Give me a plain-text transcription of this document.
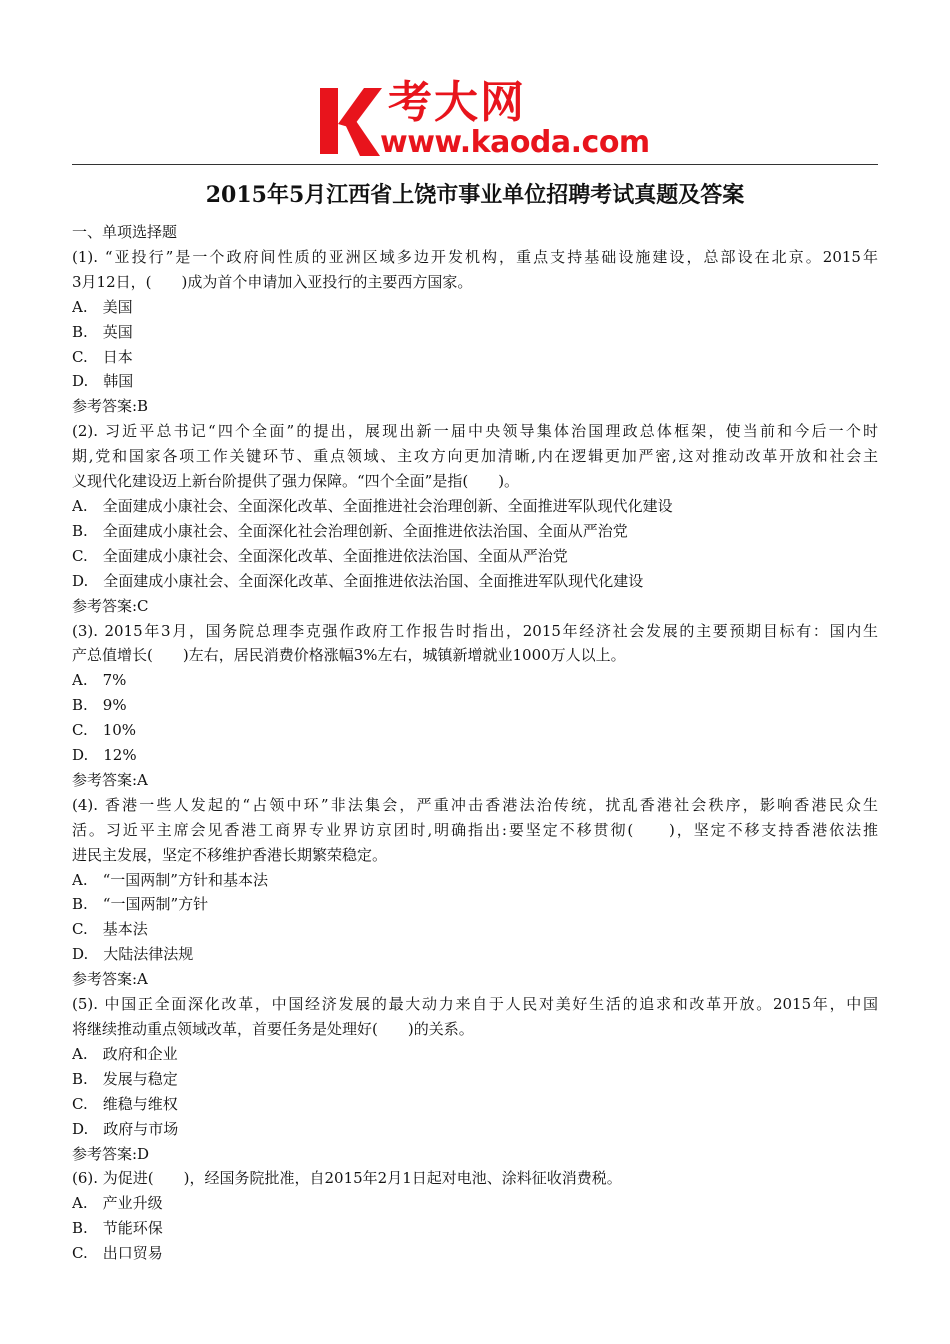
考大网
www.kaoda.com
2015年5月江西省上饶市事业单位招聘考试真题及答案
一、单项选择题
(1). “亚投行”是一个政府间性质的亚洲区域多边开发机构，重点支持基础设施建设，总部设在北京。2015年
3月12日，(　　)成为首个申请加入亚投行的主要西方国家。
A.　美国
B.　英国
C.　日本
D.　韩国
参考答案:B
(2). 习近平总书记“四个全面”的提出，展现出新一届中央领导集体治国理政总体框架，使当前和今后一个时
期,党和国家各项工作关键环节、重点领域、主攻方向更加清晰,内在逻辑更加严密,这对推动改革开放和社会主
义现代化建设迈上新台阶提供了强力保障。“四个全面”是指(　　)。
A.　全面建成小康社会、全面深化改革、全面推进社会治理创新、全面推进军队现代化建设
B.　全面建成小康社会、全面深化社会治理创新、全面推进依法治国、全面从严治党
C.　全面建成小康社会、全面深化改革、全面推进依法治国、全面从严治党
D.　全面建成小康社会、全面深化改革、全面推进依法治国、全面推进军队现代化建设
参考答案:C
(3). 2015年3月，国务院总理李克强作政府工作报告时指出，2015年经济社会发展的主要预期目标有：国内生
产总值增长(　　)左右，居民消费价格涨幅3%左右，城镇新增就业1000万人以上。
A.　7%
B.　9%
C.　10%
D.　12%
参考答案:A
(4). 香港一些人发起的“占领中环”非法集会，严重冲击香港法治传统，扰乱香港社会秩序，影响香港民众生
活。习近平主席会见香港工商界专业界访京团时,明确指出:要坚定不移贯彻(　　)，坚定不移支持香港依法推
进民主发展，坚定不移维护香港长期繁荣稳定。
A.　“一国两制”方针和基本法
B.　“一国两制”方针
C.　基本法
D.　大陆法律法规
参考答案:A
(5). 中国正全面深化改革，中国经济发展的最大动力来自于人民对美好生活的追求和改革开放。2015年，中国
将继续推动重点领域改革，首要任务是处理好(　　)的关系。
A.　政府和企业
B.　发展与稳定
C.　维稳与维权
D.　政府与市场
参考答案:D
(6). 为促进(　　)，经国务院批准，自2015年2月1日起对电池、涂料征收消费税。
A.　产业升级
B.　节能环保
C.　出口贸易
